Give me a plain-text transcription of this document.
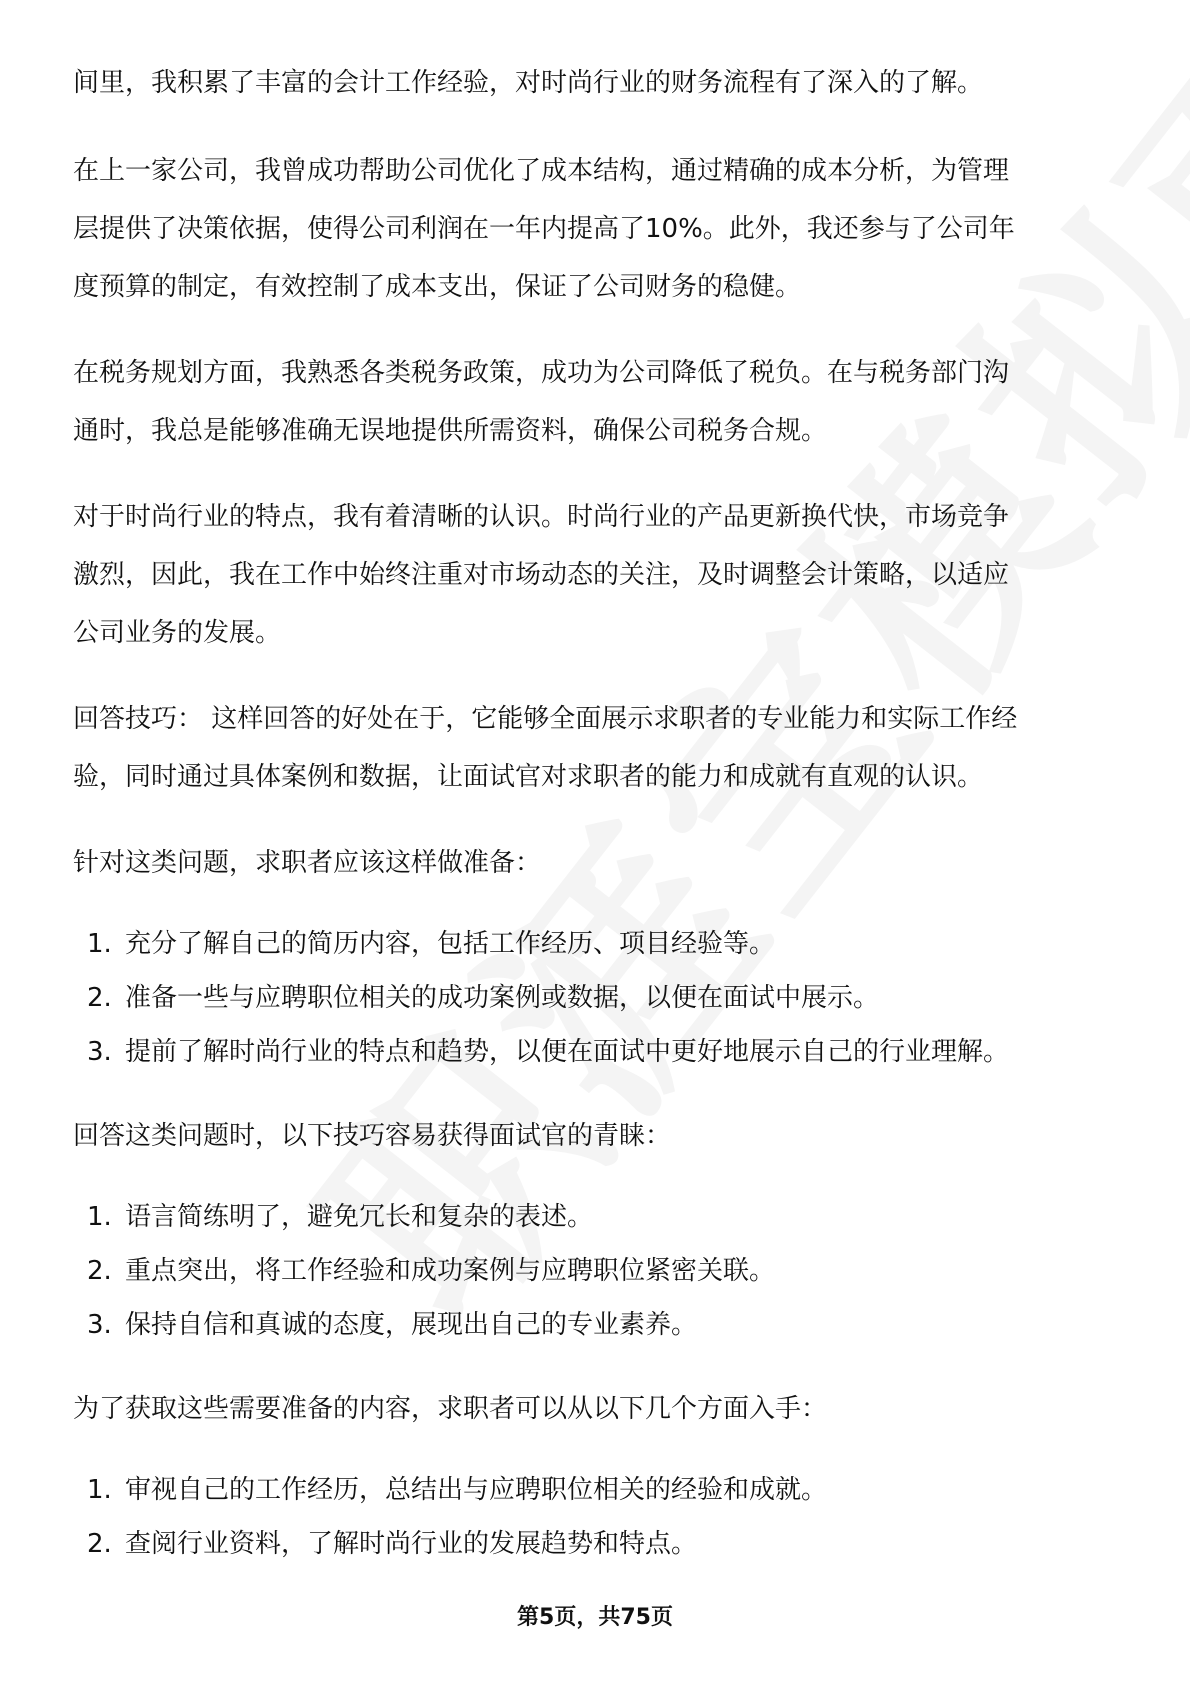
间里，我积累了丰富的会计工作经验，对时尚行业的财务流程有了深入的了解。

在上一家公司，我曾成功帮助公司优化了成本结构，通过精确的成本分析，为管理

层提供了决策依据，使得公司利润在一年内提高了10%。此外，我还参与了公司年

度预算的制定，有效控制了成本支出，保证了公司财务的稳健。

在税务规划方面，我熟悉各类税务政策，成功为公司降低了税负。在与税务部门沟

通时，我总是能够准确无误地提供所需资料，确保公司税务合规。

对于时尚行业的特点，我有着清晰的认识。时尚行业的产品更新换代快，市场竞争

激烈，因此，我在工作中始终注重对市场动态的关注，及时调整会计策略，以适应

公司业务的发展。

回答技巧： 这样回答的好处在于，它能够全面展示求职者的专业能力和实际工作经

验，同时通过具体案例和数据，让面试官对求职者的能力和成就有直观的认识。

针对这类问题，求职者应该这样做准备：

1. 充分了解自己的简历内容，包括工作经历、项目经验等。
2. 准备一些与应聘职位相关的成功案例或数据，以便在面试中展示。
3. 提前了解时尚行业的特点和趋势，以便在面试中更好地展示自己的行业理解。

回答这类问题时，以下技巧容易获得面试官的青睐：

1. 语言简练明了，避免冗长和复杂的表述。
2. 重点突出，将工作经验和成功案例与应聘职位紧密关联。
3. 保持自信和真诚的态度，展现出自己的专业素养。

为了获取这些需要准备的内容，求职者可以从以下几个方面入手：

1. 审视自己的工作经历，总结出与应聘职位相关的经验和成就。
2. 查阅行业资料，了解时尚行业的发展趋势和特点。
第5页，共75页
